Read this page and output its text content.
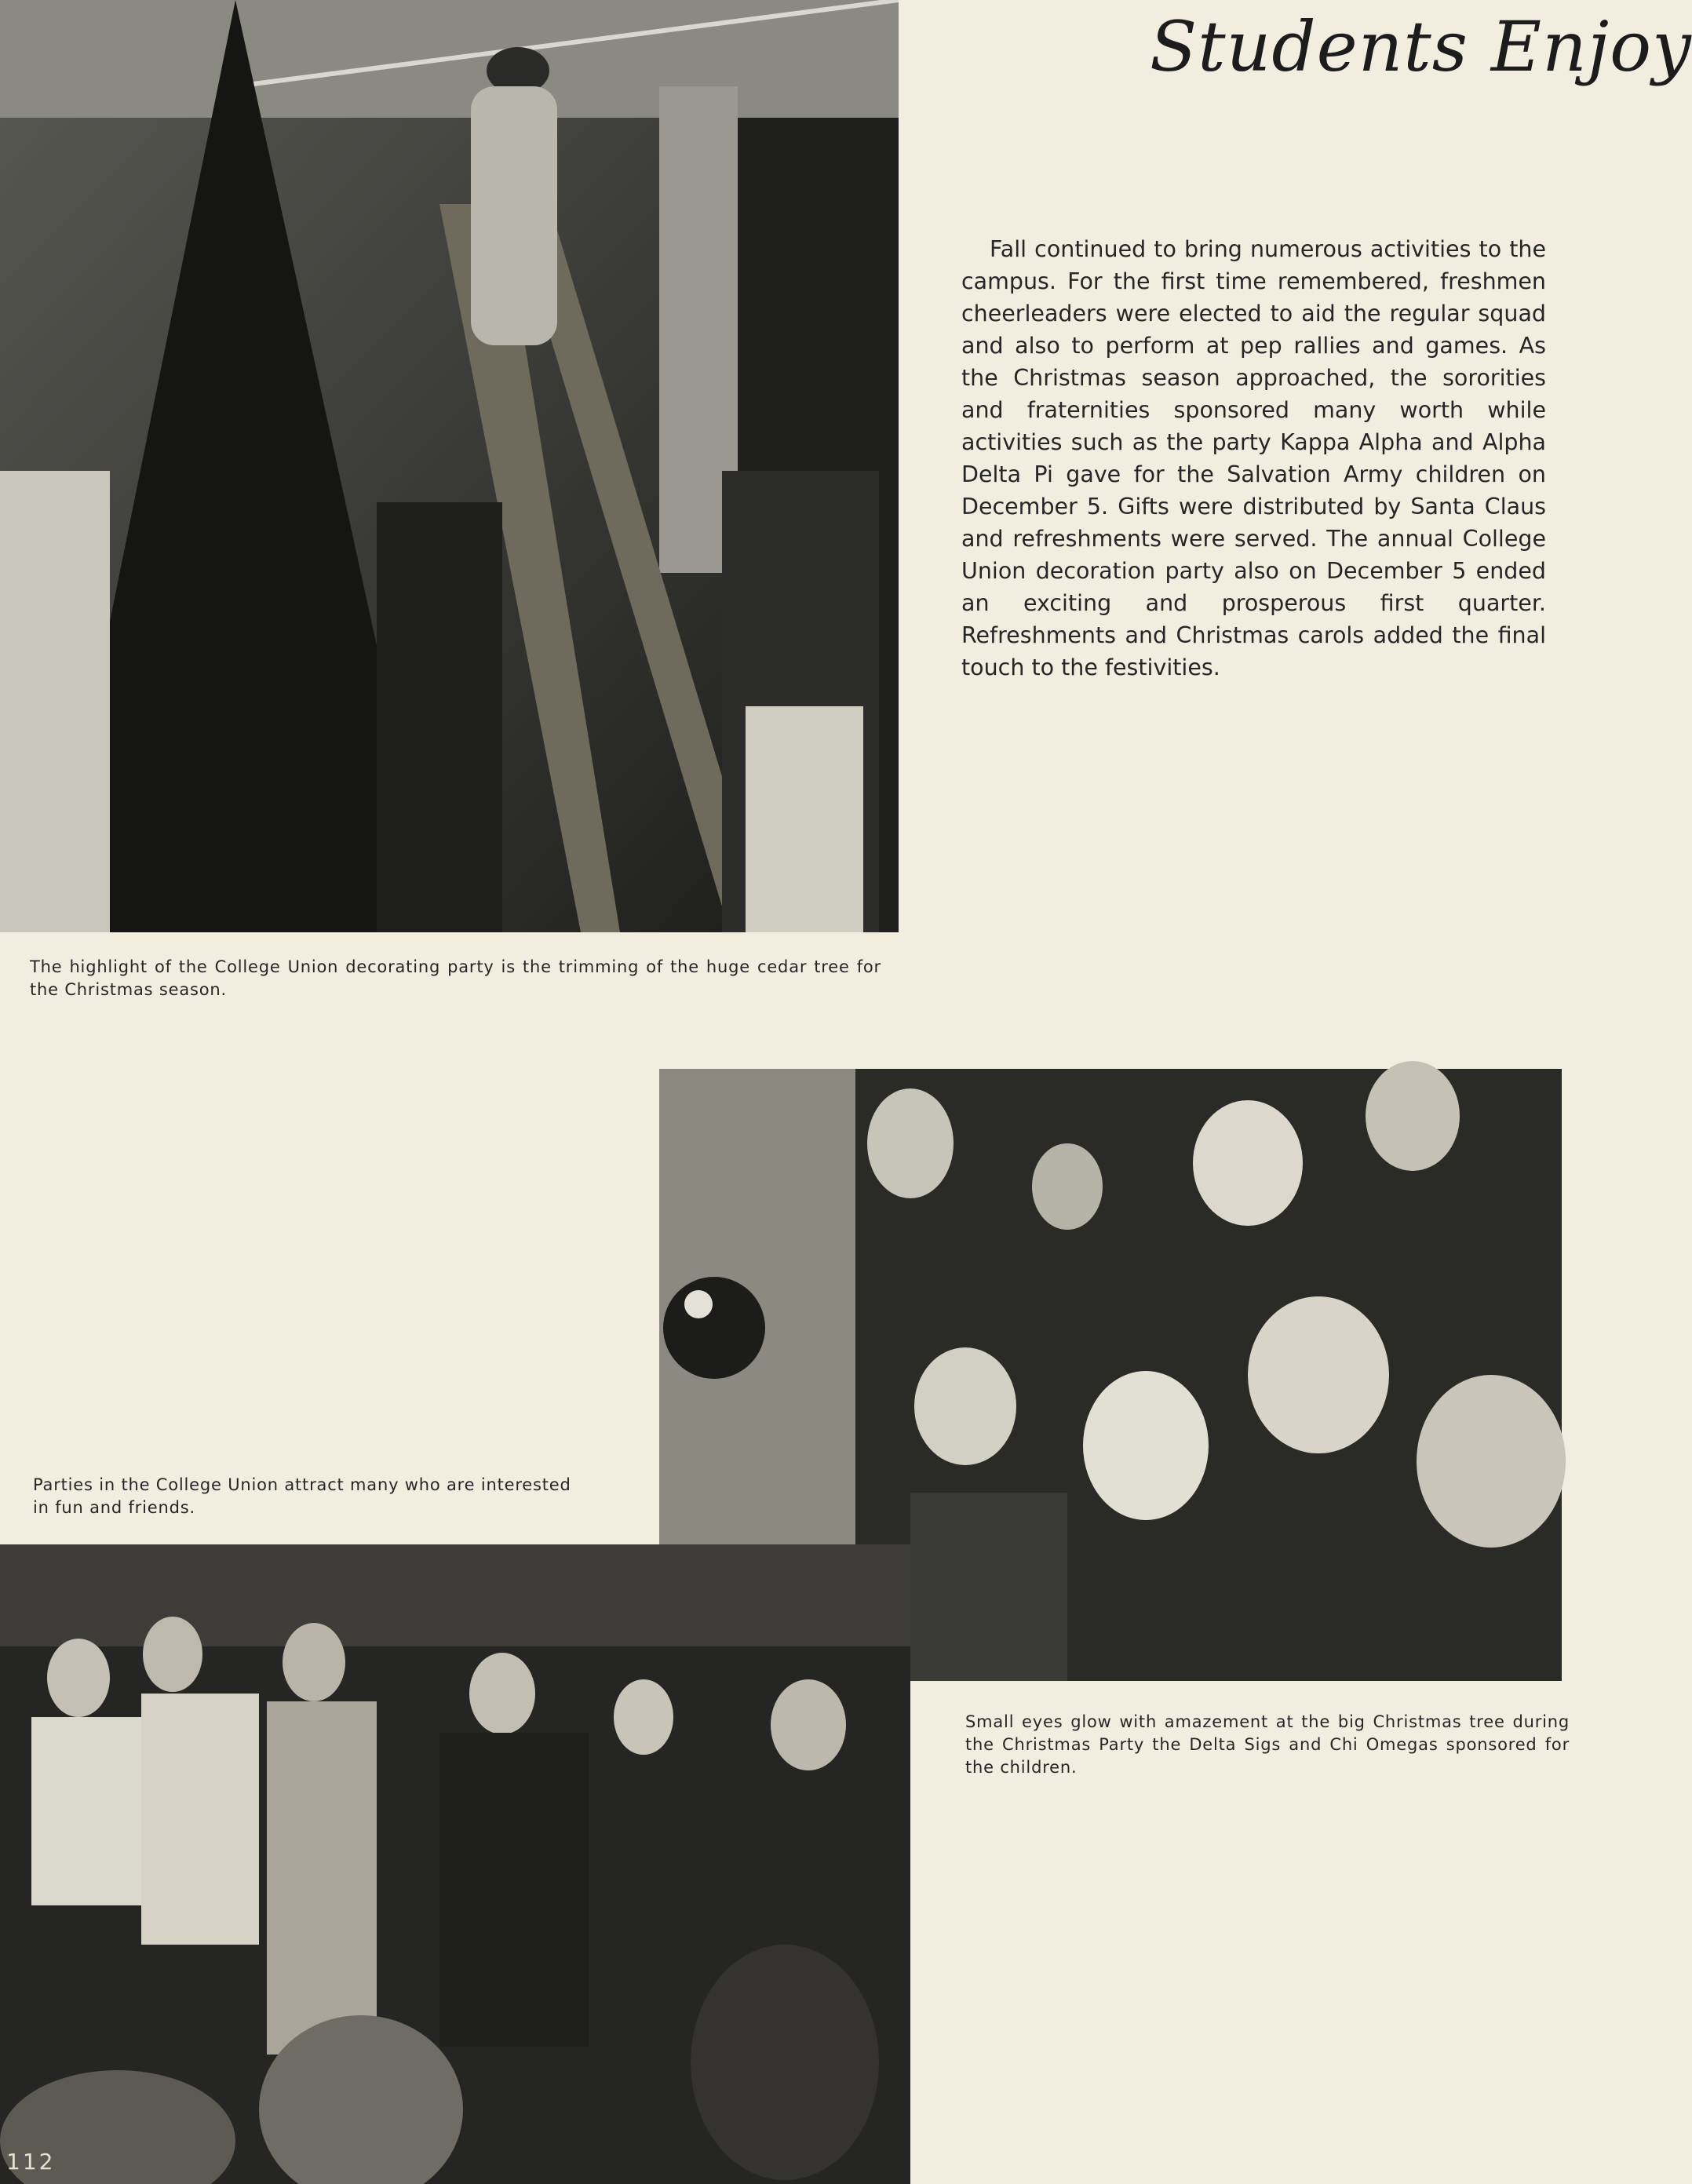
Students Enjoy
Fall continued to bring numerous activities to the campus. For the first time remembered, freshmen cheerleaders were elected to aid the regular squad and also to perform at pep rallies and games. As the Christmas season approached, the sororities and fraternities sponsored many worth while activities such as the party Kappa Alpha and Alpha Delta Pi gave for the Salvation Army children on December 5. Gifts were distributed by Santa Claus and refreshments were served. The annual College Union decoration party also on December 5 ended an exciting and prosperous first quarter. Refreshments and Christmas carols added the final touch to the festivities.
The highlight of the College Union decorating party is the trimming of the huge cedar tree for the Christmas season.
Parties in the College Union attract many who are interested in fun and friends.
Small eyes glow with amazement at the big Christmas tree during the Christmas Party the Delta Sigs and Chi Omegas sponsored for the children.
112
